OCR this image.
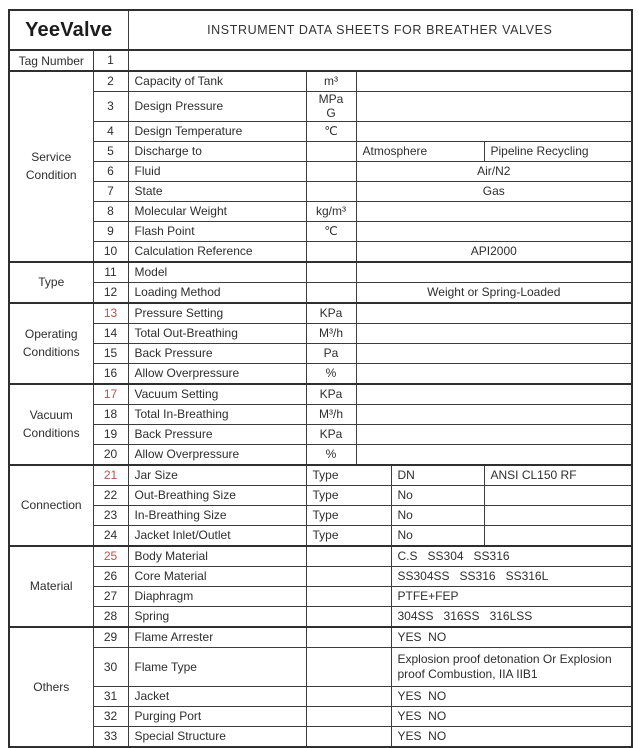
YeeValve		INSTRUMENT DATA SHEETS FOR BREATHER VALVES				
Tag Number	1					
Service Condition	2	Capacity of Tank	m³			
	3	Design Pressure	MPa G			
	4	Design Temperature	℃			
	5	Discharge to		Atmosphere		Pipeline Recycling
	6	Fluid		Air/N2		
	7	State		Gas		
	8	Molecular Weight	kg/m³			
	9	Flash Point	℃			
	10	Calculation Reference		API2000		
Type	11	Model				
	12	Loading Method		Weight or Spring-Loaded		
Operating Conditions	13	Pressure Setting	KPa			
	14	Total Out-Breathing	M³/h			
	15	Back Pressure	Pa			
	16	Allow Overpressure	%			
Vacuum Conditions	17	Vacuum Setting	KPa			
	18	Total In-Breathing	M³/h			
	19	Back Pressure	KPa			
	20	Allow Overpressure	%			
Connection	21	Jar Size	Type		DN	ANSI CL150 RF
	22	Out-Breathing Size	Type		No	
	23	In-Breathing Size	Type		No	
	24	Jacket Inlet/Outlet	Type		No	
Material	25	Body Material			C.S   SS304   SS316	
	26	Core Material			SS304SS   SS316   SS316L	
	27	Diaphragm			PTFE+FEP	
	28	Spring			304SS   316SS   316LSS	
Others	29	Flame Arrester			YES  NO	
	30	Flame Type			Explosion proof detonation Or Explosion proof Combustion, IIA IIB1	
	31	Jacket			YES  NO	
	32	Purging Port			YES  NO	
	33	Special Structure			YES  NO	
